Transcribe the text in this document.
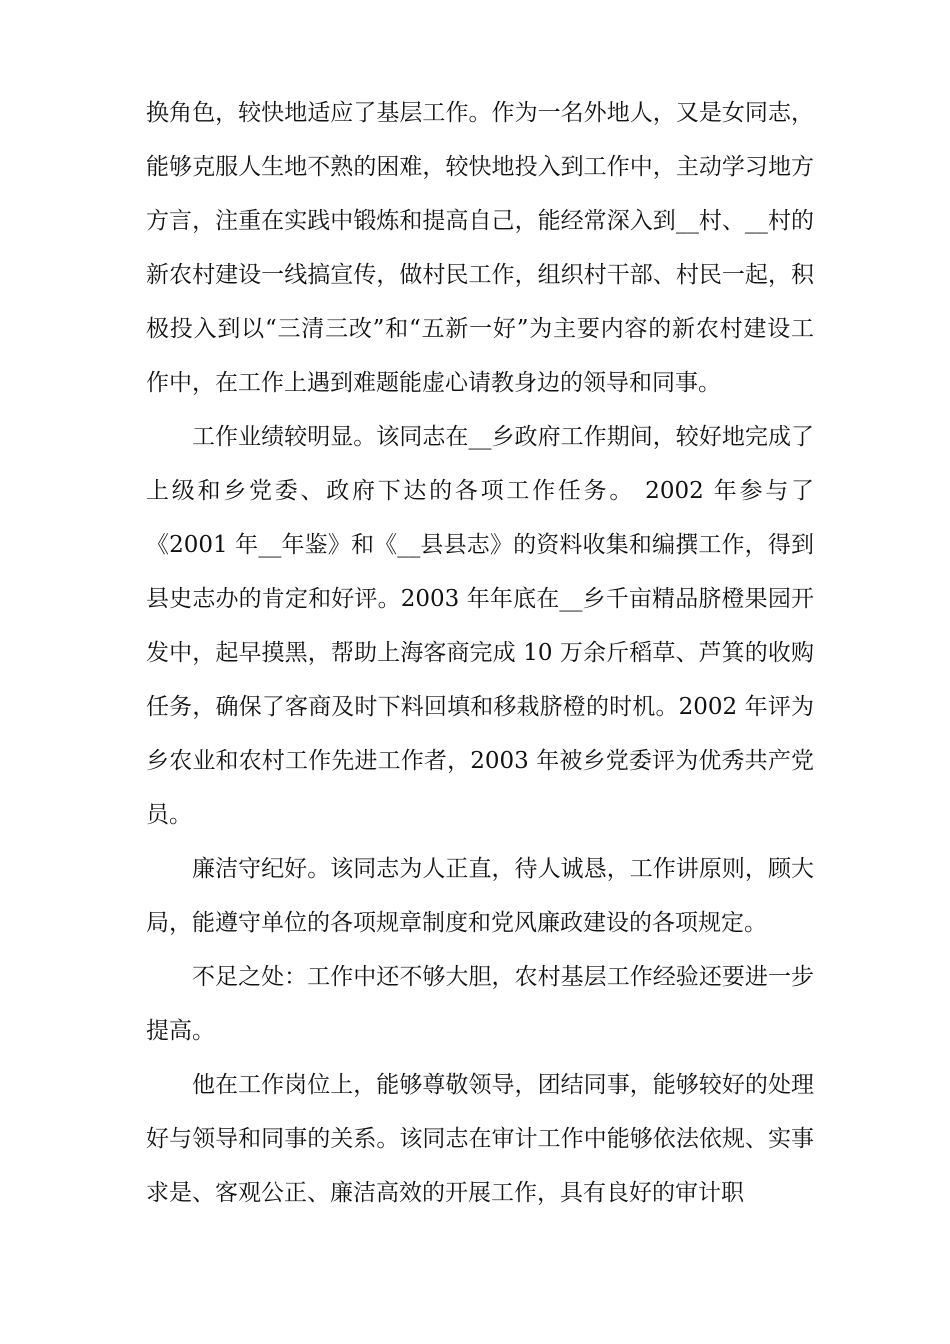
换角色，较快地适应了基层工作。作为一名外地人，又是女同志，能够克服人生地不熟的困难，较快地投入到工作中，主动学习地方方言，注重在实践中锻炼和提高自己，能经常深入到__村、__村的新农村建设一线搞宣传，做村民工作，组织村干部、村民一起，积极投入到以“三清三改”和“五新一好”为主要内容的新农村建设工作中，在工作上遇到难题能虚心请教身边的领导和同事。

工作业绩较明显。该同志在__乡政府工作期间，较好地完成了上级和乡党委、政府下达的各项工作任务。 2002 年参与了《2001 年__年鉴》和《__县县志》的资料收集和编撰工作，得到县史志办的肯定和好评。2003 年年底在__乡千亩精品脐橙果园开发中，起早摸黑，帮助上海客商完成 10 万余斤稻草、芦箕的收购任务，确保了客商及时下料回填和移栽脐橙的时机。2002 年评为乡农业和农村工作先进工作者，2003 年被乡党委评为优秀共产党员。

廉洁守纪好。该同志为人正直，待人诚恳，工作讲原则，顾大局，能遵守单位的各项规章制度和党风廉政建设的各项规定。

不足之处：工作中还不够大胆，农村基层工作经验还要进一步提高。

他在工作岗位上，能够尊敬领导，团结同事，能够较好的处理好与领导和同事的关系。该同志在审计工作中能够依法依规、实事求是、客观公正、廉洁高效的开展工作，具有良好的审计职
